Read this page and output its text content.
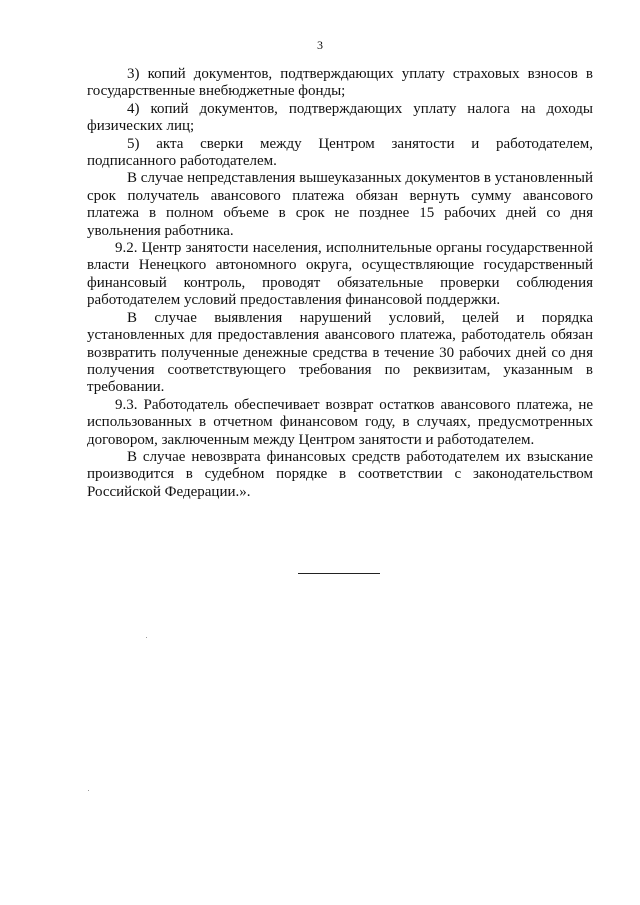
3

3) копий документов, подтверждающих уплату страховых взносов в государственные внебюджетные фонды;

4) копий документов, подтверждающих уплату налога на доходы физических лиц;

5) акта сверки между Центром занятости и работодателем, подписанного работодателем.

В случае непредставления вышеуказанных документов в установленный срок получатель авансового платежа обязан вернуть сумму авансового платежа в полном объеме в срок не позднее 15 рабочих дней со дня увольнения работника.

9.2. Центр занятости населения, исполнительные органы государственной власти Ненецкого автономного округа, осуществляющие государственный финансовый контроль, проводят обязательные проверки соблюдения работодателем условий предоставления финансовой поддержки.

В случае выявления нарушений условий, целей и порядка установленных для предоставления авансового платежа, работодатель обязан возвратить полученные денежные средства в течение 30 рабочих дней со дня получения соответствующего требования по реквизитам, указанным в требовании.

9.3. Работодатель обеспечивает возврат остатков авансового платежа, не использованных в отчетном финансовом году, в случаях, предусмотренных договором, заключенным между Центром занятости и работодателем.

В случае невозврата финансовых средств работодателем их взыскание производится в судебном порядке в соответствии с законодательством Российской Федерации.».
